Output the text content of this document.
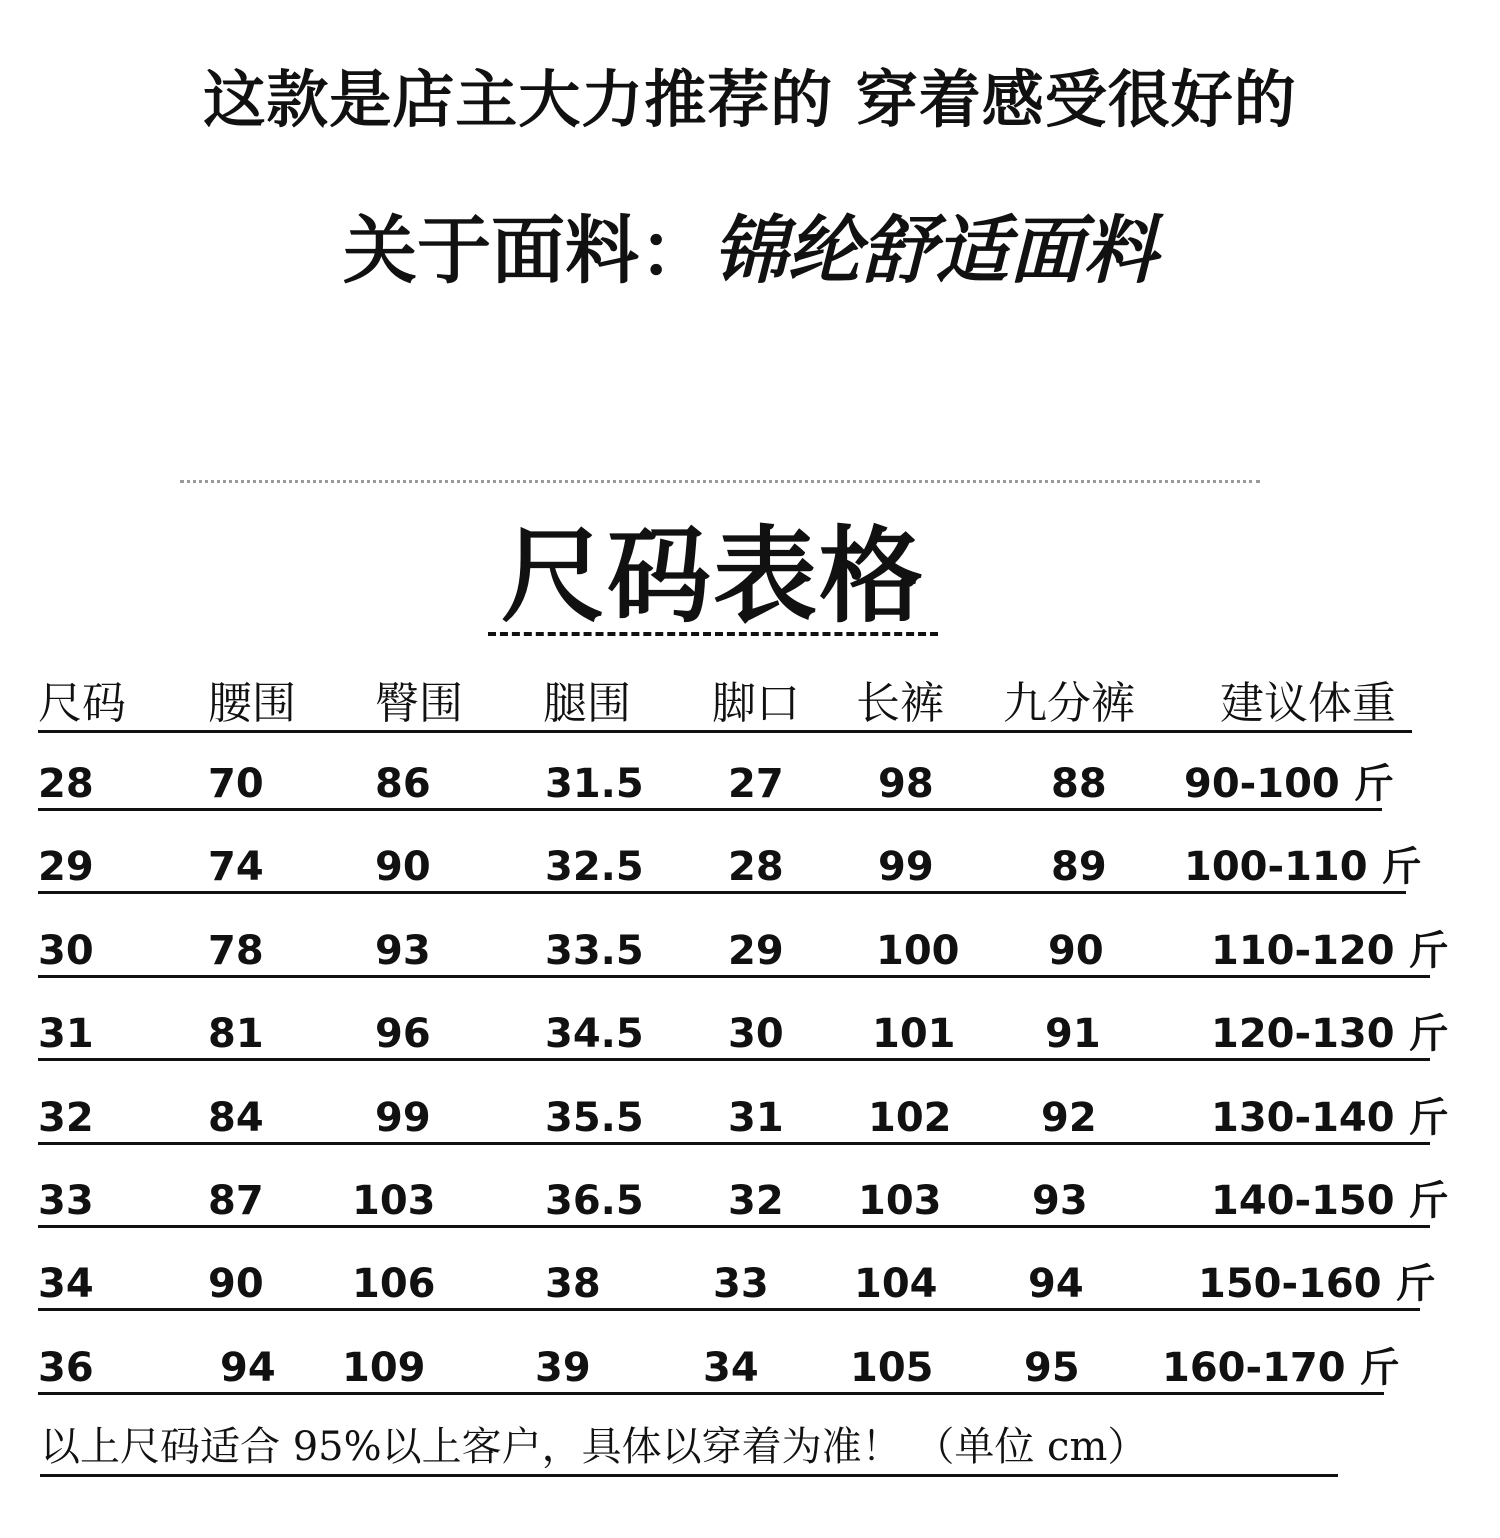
这款是店主大力推荐的 穿着感受很好的
关于面料：锦纶舒适面料
尺码表格
尺码 腰围 臀围 腿围 脚口 长裤 九分裤 建议体重
28	70	86	31.5 27 98	88 90-100 斤
29	74	90	32.5 28 99	89 100-110 斤
30	78	93	33.5 29 100 90	110-120 斤
31	81	96	34.5 30 101 91	120-130 斤
32	84	99	35.5 31 102 92	130-140 斤
33	87 103	36.5 32 103 93	140-150 斤
34	90 106	38	33 104 94	150-160 斤
36	94 109	39	34 105 95 160-170 斤
以上尺码适合 95%以上客户，具体以穿着为准！ （单位 cm）
